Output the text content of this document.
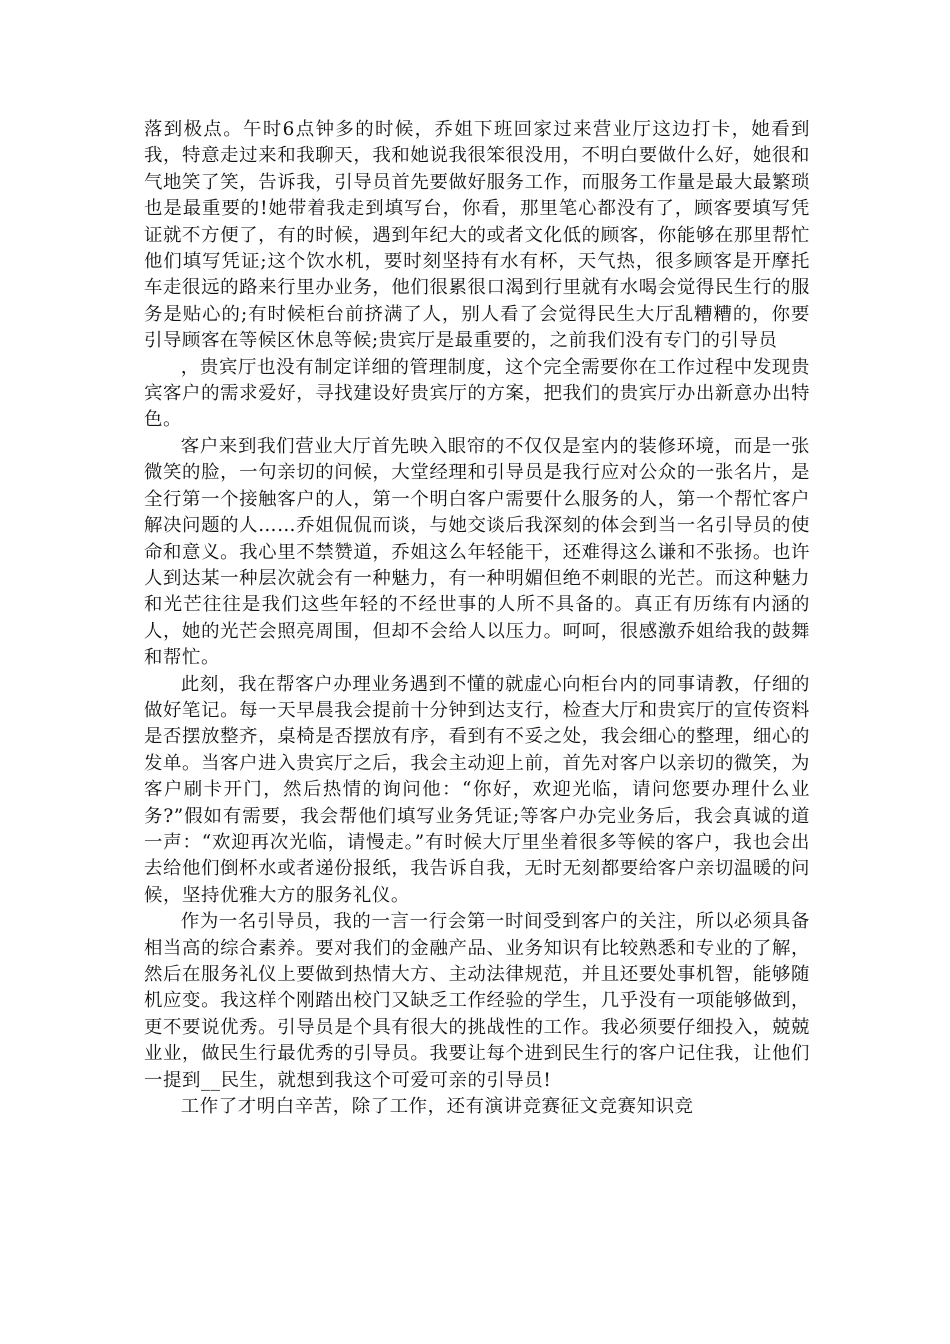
落到极点。午时6点钟多的时候，乔姐下班回家过来营业厅这边打卡，她看到我，特意走过来和我聊天，我和她说我很笨很没用，不明白要做什么好，她很和气地笑了笑，告诉我，引导员首先要做好服务工作，而服务工作量是最大最繁琐也是最重要的!她带着我走到填写台，你看，那里笔心都没有了，顾客要填写凭证就不方便了，有的时候，遇到年纪大的或者文化低的顾客，你能够在那里帮忙他们填写凭证;这个饮水机，要时刻坚持有水有杯，天气热，很多顾客是开摩托车走很远的路来行里办业务，他们很累很口渴到行里就有水喝会觉得民生行的服务是贴心的;有时候柜台前挤满了人，别人看了会觉得民生大厅乱糟糟的，你要引导顾客在等候区休息等候;贵宾厅是最重要的，之前我们没有专门的引导员

，贵宾厅也没有制定详细的管理制度，这个完全需要你在工作过程中发现贵宾客户的需求爱好，寻找建设好贵宾厅的方案，把我们的贵宾厅办出新意办出特色。

客户来到我们营业大厅首先映入眼帘的不仅仅是室内的装修环境，而是一张微笑的脸，一句亲切的问候，大堂经理和引导员是我行应对公众的一张名片，是全行第一个接触客户的人，第一个明白客户需要什么服务的人，第一个帮忙客户解决问题的人……乔姐侃侃而谈，与她交谈后我深刻的体会到当一名引导员的使命和意义。我心里不禁赞道，乔姐这么年轻能干，还难得这么谦和不张扬。也许人到达某一种层次就会有一种魅力，有一种明媚但绝不刺眼的光芒。而这种魅力和光芒往往是我们这些年轻的不经世事的人所不具备的。真正有历练有内涵的人，她的光芒会照亮周围，但却不会给人以压力。呵呵，很感激乔姐给我的鼓舞和帮忙。

此刻，我在帮客户办理业务遇到不懂的就虚心向柜台内的同事请教，仔细的做好笔记。每一天早晨我会提前十分钟到达支行，检查大厅和贵宾厅的宣传资料是否摆放整齐，桌椅是否摆放有序，看到有不妥之处，我会细心的整理，细心的发单。当客户进入贵宾厅之后，我会主动迎上前，首先对客户以亲切的微笑，为客户刷卡开门，然后热情的询问他：“你好，欢迎光临，请问您要办理什么业务?”假如有需要，我会帮他们填写业务凭证;等客户办完业务后，我会真诚的道一声：“欢迎再次光临，请慢走。”有时候大厅里坐着很多等候的客户，我也会出去给他们倒杯水或者递份报纸，我告诉自我，无时无刻都要给客户亲切温暖的问候，坚持优雅大方的服务礼仪。

作为一名引导员，我的一言一行会第一时间受到客户的关注，所以必须具备相当高的综合素养。要对我们的金融产品、业务知识有比较熟悉和专业的了解，然后在服务礼仪上要做到热情大方、主动法律规范，并且还要处事机智，能够随机应变。我这样个刚踏出校门又缺乏工作经验的学生，几乎没有一项能够做到，更不要说优秀。引导员是个具有很大的挑战性的工作。我必须要仔细投入，兢兢业业，做民生行最优秀的引导员。我要让每个进到民生行的客户记住我，让他们一提到__民生，就想到我这个可爱可亲的引导员!

工作了才明白辛苦，除了工作，还有演讲竞赛征文竞赛知识竞
